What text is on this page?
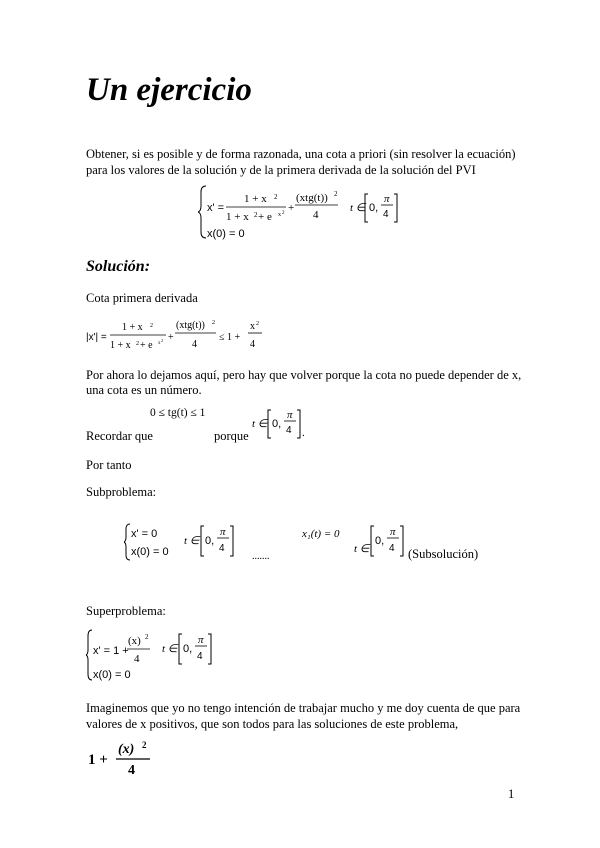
Un ejercicio
Obtener, si es posible y de forma razonada, una cota a priori (sin resolver la ecuación)
para los valores de la solución y de la primera derivada de la solución del PVI
x' =
1 + x 2
1 + x 2 + e x 2 +
(xtg(t)) 2
4
t ∈ 0,
π
4
x(0) = 0
Solución:
Cota primera derivada
|x'| =
1 + x 2
1 + x 2 + e x
2 +
(xtg(t)) 2
4
≤ 1 +
x 2
4
Por ahora lo dejamos aquí, pero hay que volver porque la cota no puede depender de x,
una cota es un número.
Recordar que
0 ≤ tg(t) ≤ 1
porque
t ∈ 0,
π
4 .
Por tanto
Subproblema:
x' = 0
x(0) = 0
t ∈ 0,
π
4
.......
x₁(t) = 0
t ∈
0,
π
4 (Subsolución)
Superproblema:
x' = 1 +
(x) 2
4
x(0) = 0
t ∈ 0,
π
4
Imaginemos que yo no tengo intención de trabajar mucho y me doy cuenta de que para
valores de x positivos, que son todos para las soluciones de este problema,
1 +
(x) 2
4
1
